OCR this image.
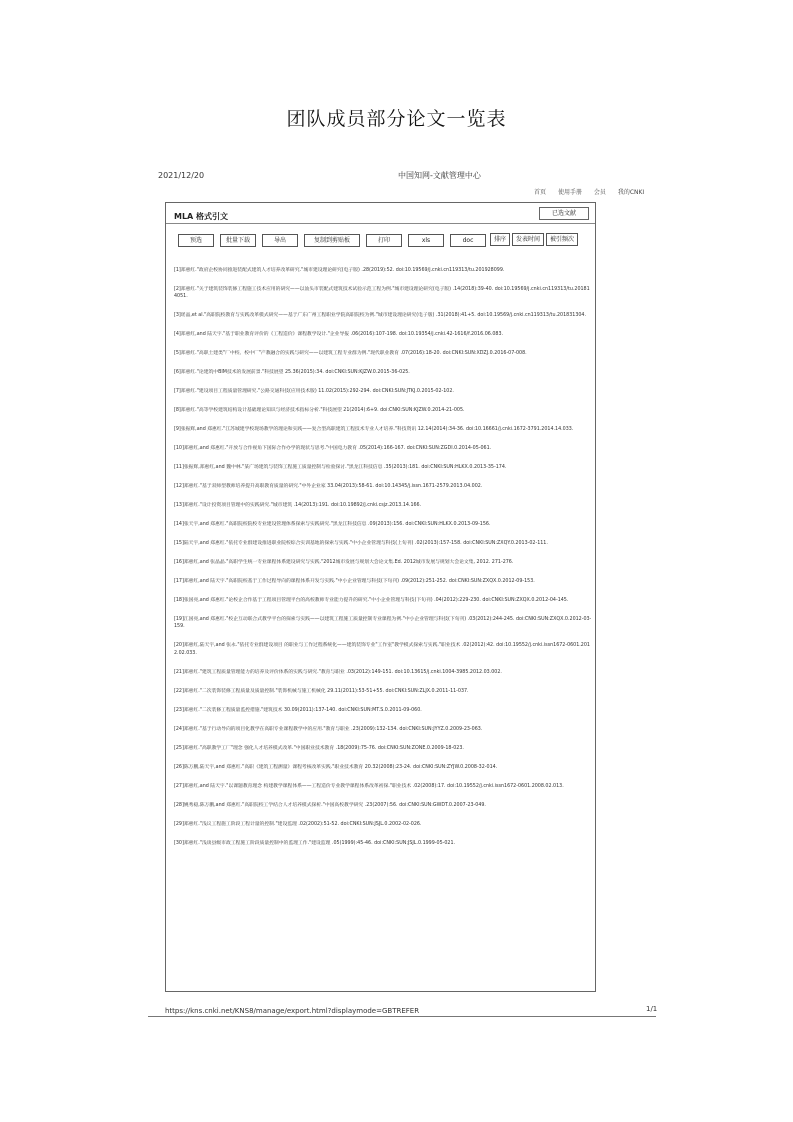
团队成员部分论文一览表
2021/12/20	中国知网-文献管理中心
首页 使用手册 会员 我的CNKI
MLA 格式引文	已选文献
预选	批量下载	导出	复制到剪贴板	打印	xls	doc	排序	发表时间	被引频次
[1]郑惠红."政府企校协同推进装配式建筑人才培养改革研究."城市建设理论研究(电子版) .28(2019):52. doi:10.19569/j.cnki.cn119313/tu.201928099.
[2]郑惠红."关于建筑装饰装修工程施工技术应用的研究——以汕头市装配式建筑技术试验示范工程为例."城市建设理论研究(电子版) .14(2018):39-40. doi:10.19569/j.cnki.cn119313/tu.201814051.
[3]瑶晶,et al."高职院校教育与实践改革模式研究——基于广东广州工程职业学院高职院校为例."城市建设理论研究(电子版) .31(2018):41+5. doi:10.19569/j.cnki.cn119313/tu.201831304.
[4]郑惠红,and 陆天宇."基于职业教育评价的《工程造价》课程教学设计."企业导报 .06(2016):107-198. doi:10.19354/j.cnki.42-1616/f.2016.06.083.
[5]郑惠红."高职土建类"厂中校、校中厂"产教融合的实践与研究——以建筑工程专业群为例."现代职业教育 .07(2016):18-20. doi:CNKI:SUN:XDZJ.0.2016-07-008.
[6]郑惠红."论建筑中BIM技术的发展前景."科技展望 25.36(2015):34. doi:CNKI:SUN:KJZW.0.2015-36-025.
[7]郑惠红."建设项目工程质量管理研究."公路交通科技(应用技术版) 11.02(2015):292-294. doi:CNKI:SUN:JTKJ.0.2015-02-102.
[8]郑惠红."高等学校建筑结构设计基础理论知识与经济技术指标分析."科技展望 21(2014):6+9. doi:CNKI:SUN:KJZW.0.2014-21-005.
[9]张振辉,and 郑惠红."江苏城建学校现场教学的理论和实践——复合型高职建筑工程技术专业人才培养."科技资讯 12.14(2014):34-36. doi:10.16661/j.cnki.1672-3791.2014.14.033.
[10]郑惠红,and 郑惠红."开放与合作视角下国际合作办学的现状与思考."中国电力教育 .05(2014):166-167. doi:CNKI:SUN:ZGDI.0.2014-05-061.
[11]张振辉,郑惠红,and 魏中林."某广场建筑与装饰工程施工质量控制与检验探讨."黑龙江科技信息 .35(2013):181. doi:CNKI:SUN:HLKX.0.2013-35-174.
[12]郑惠红."基于双师型教师培养提升高职教育质量的研究."中外企业家 33.04(2013):58-61. doi:10.14345/j.issn.1671-2579.2013.04.002.
[13]郑惠红."设计投资项目管理中的实践研究."城市建筑 .14(2013):191. doi:10.19892/j.cnki.csjz.2013.14.166.
[14]张天宇,and 郑惠红."高职院校院校专业建设管理体系探索与实践研究."黑龙江科技信息 .09(2013):156. doi:CNKI:SUN:HLKX.0.2013-09-156.
[15]陆天宇,and 郑惠红."依托专业群建设推进职业院校综合实训基地的探索与实践."中小企业管理与科技(上旬刊) .02(2013):157-158. doi:CNKI:SUN:ZXQY.0.2013-02-111.
[16]郑惠红,and 张晶晶."高职学生统一专业课程体系建设研究与实践."2012城市发展与规划大会论文集.Ed. 2012城市发展与规划大会论文集, 2012. 271-276.
[17]郑惠红,and 陆天宇."高职院校基于工作过程导向的课程体系开发与实践."中小企业管理与科技(下旬刊) .09(2012):251-252. doi:CNKI:SUN:ZXQX.0.2012-09-153.
[18]张国亮,and 郑惠红."论校企合作基于工程项目管理平台的高校教师专业能力提升的研究."中小企业管理与科技(下旬刊) .04(2012):229-230. doi:CNKI:SUN:ZXQX.0.2012-04-145.
[19]江国亮,and 郑惠红."校企互动联合式教学平台的探索与实践——以建筑工程施工质量控制专业课程为例."中小企业管理与科技(下旬刊) .03(2012):244-245. doi:CNKI:SUN:ZXQX.0.2012-03-159.
[20]郑惠红,陆天宇,and 张永."依托专业群建设项目 的职业与工作过程系统化——建筑装饰专业"工作室"教学模式探索与实践."职业技术 .02(2012):42. doi:10.19552/j.cnki.issn1672-0601.2012.02.033.
[21]郑惠红."建筑工程质量管理能力的培养及评价体系的实践与研究."教育与职业 .03(2012):149-151. doi:10.13615/j.cnki.1004-3985.2012.03.002.
[22]郑惠红."二次装饰装修工程质量及质量控制."装饰机械与施工机械化 29.11(2011):53-51+55. doi:CNKI:SUN:ZLJX.0.2011-11-037.
[23]郑惠红."二次装修工程质量监控措施."建筑技术 30.09(2011):137-140. doi:CNKI:SUN:MT.S.0.2011-09-060.
[24]郑惠红."基于行动导向的项目化教学在高职专业课程教学中的应用."教育与职业 .23(2009):132-134. doi:CNKI:SUN:JYYZ.0.2009-23-063.
[25]郑惠红."高职教学工厂"理念 强化人才培养模式改革."中国职业技术教育 .18(2009):75-76. doi:CNKI:SUN:ZONE.0.2009-18-023.
[26]陈万鹏,陆天宇,and 郑惠红."高职《建筑工程测量》课程考核改革实践."职业技术教育 20.32(2008):23-24. doi:CNKI:SUN:ZYJW.0.2008-32-014.
[27]郑惠红,and 陆天宇."以课题教育理念 构建教学课程体系——工程造价专业教学课程体系改革初探."职业技术 .02(2008):17. doi:10.19552/j.cnki.issn1672-0601.2008.02.013.
[28]姚秀稳,陈万鹏,and 郑惠红."高职院校工学结合人才培养模式探析."中国高校教学研究 .23(2007):56. doi:CNKI:SUN:GWDT.0.2007-23-049.
[29]郑惠红."浅议工程施工阶段工程计量的控制."建设监理 .02(2002):51-52. doi:CNKI:SUN:JSJL.0.2002-02-026.
[30]郑惠红."浅谈县级市政工程施工阶段质量控制中的监理工作."建设监理 .05(1999):45-46. doi:CNKI:SUN:JSJL.0.1999-05-021.
https://kns.cnki.net/KNS8/manage/export.html?displaymode=GBTREFER	1/1
